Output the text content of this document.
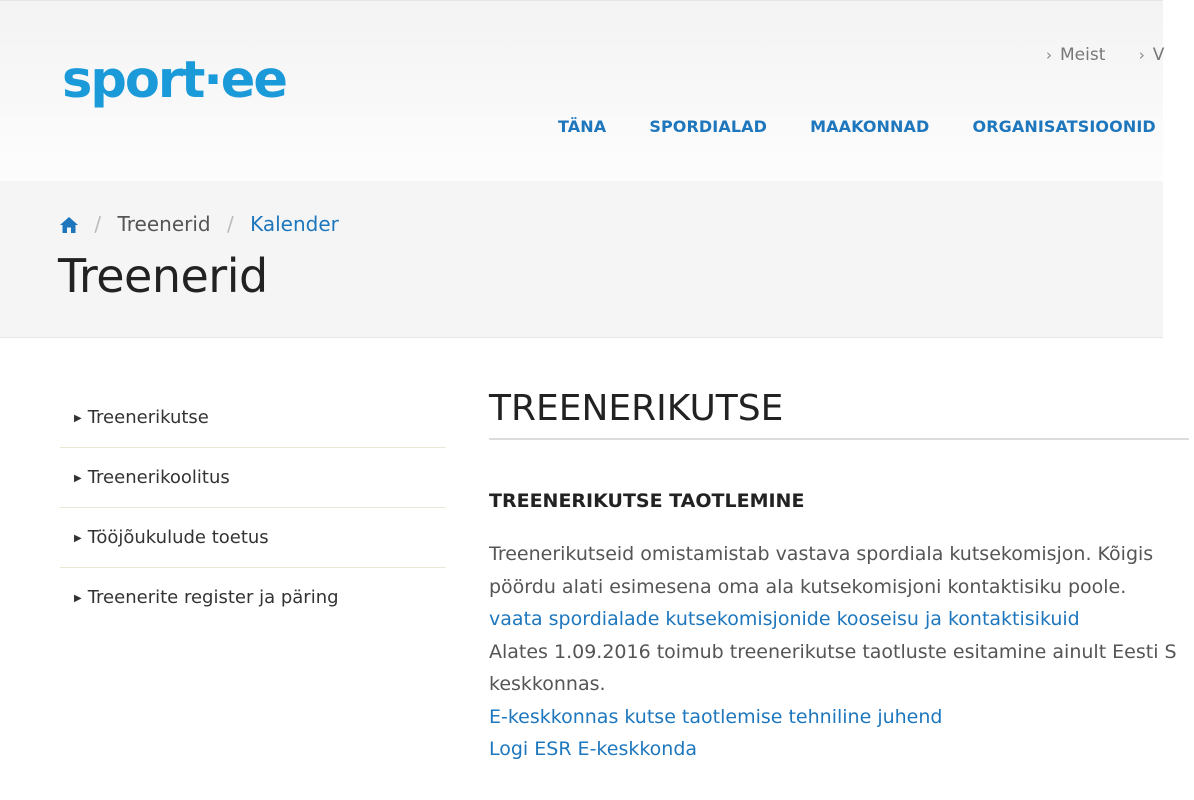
sport·ee	› Meist › V
TÄNA	SPORDIALAD	MAAKONNAD	ORGANISATSIOONID
/ Treenerid / Kalender
Treenerid
▶ Treenerikutse
▶ Treenerikoolitus
▶ Tööjõukulude toetus
▶ Treenerite register ja päring
TREENERIKUTSE
TREENERIKUTSE TAOTLEMINE
Treenerikutseid omistamistab vastava spordiala kutsekomisjon. Kõigis
pöördu alati esimesena oma ala kutsekomisjoni kontaktisiku poole.
vaata spordialade kutsekomisjonide kooseisu ja kontaktisikuid
Alates 1.09.2016 toimub treenerikutse taotluste esitamine ainult Eesti S
keskkonnas.
E-keskkonnas kutse taotlemise tehniline juhend
Logi ESR E-keskkonda
